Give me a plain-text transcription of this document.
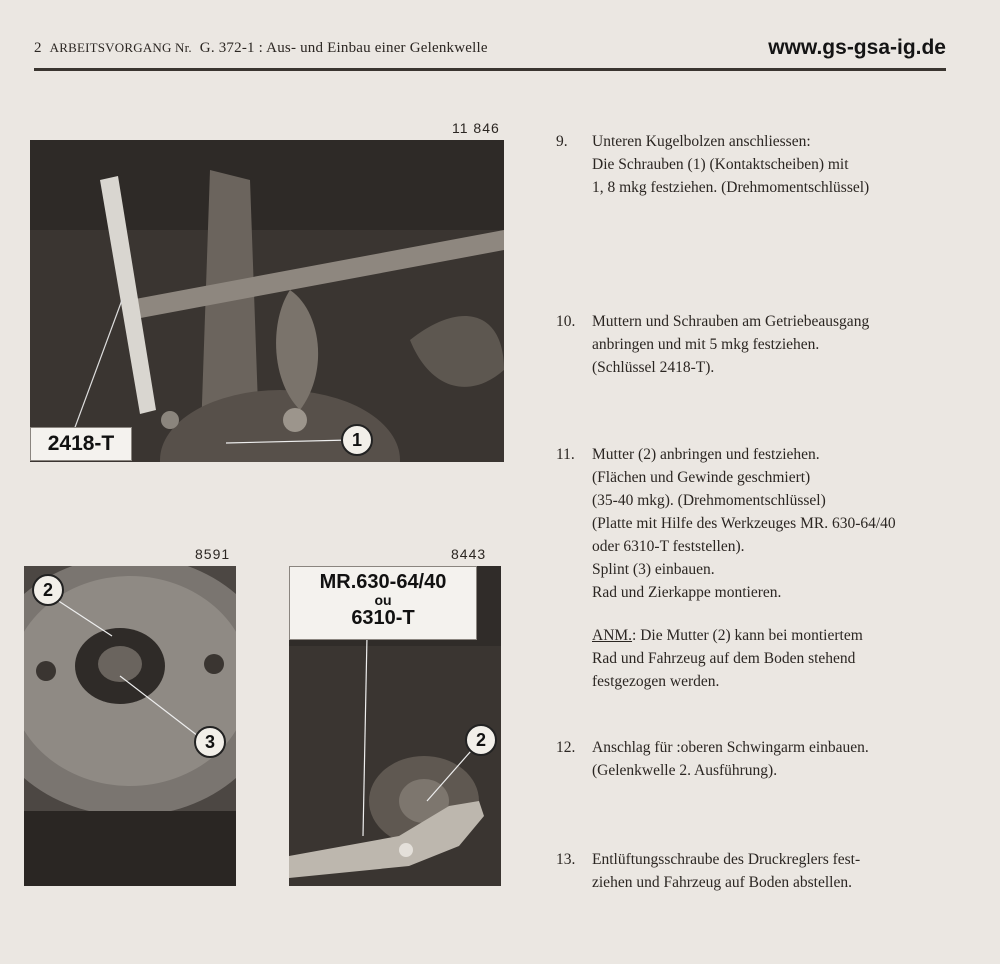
2 ARBEITSVORGANG Nr. G. 372-1 : Aus- und Einbau einer Gelenkwelle	www.gs-gsa-ig.de
11 846
2418-T	1
8591
2
3
8443
MR.630-64/40
ou
6310-T
2
9.	Unteren Kugelbolzen anschliessen:
Die Schrauben (1) (Kontaktscheiben) mit
1, 8 mkg festziehen. (Drehmomentschlüssel)
10.	Muttern und Schrauben am Getriebeausgang
anbringen und mit 5 mkg festziehen.
(Schlüssel 2418-T).
11.	Mutter (2) anbringen und festziehen.
(Flächen und Gewinde geschmiert)
(35-40 mkg). (Drehmomentschlüssel)
(Platte mit Hilfe des Werkzeuges MR. 630-64/40
oder 6310-T feststellen).
Splint (3) einbauen.
Rad und Zierkappe montieren.
ANM.: Die Mutter (2) kann bei montiertem
Rad und Fahrzeug auf dem Boden stehend
festgezogen werden.
12.	Anschlag für :oberen Schwingarm einbauen.
(Gelenkwelle 2. Ausführung).
13.	Entlüftungsschraube des Druckreglers fest-
ziehen und Fahrzeug auf Boden abstellen.
